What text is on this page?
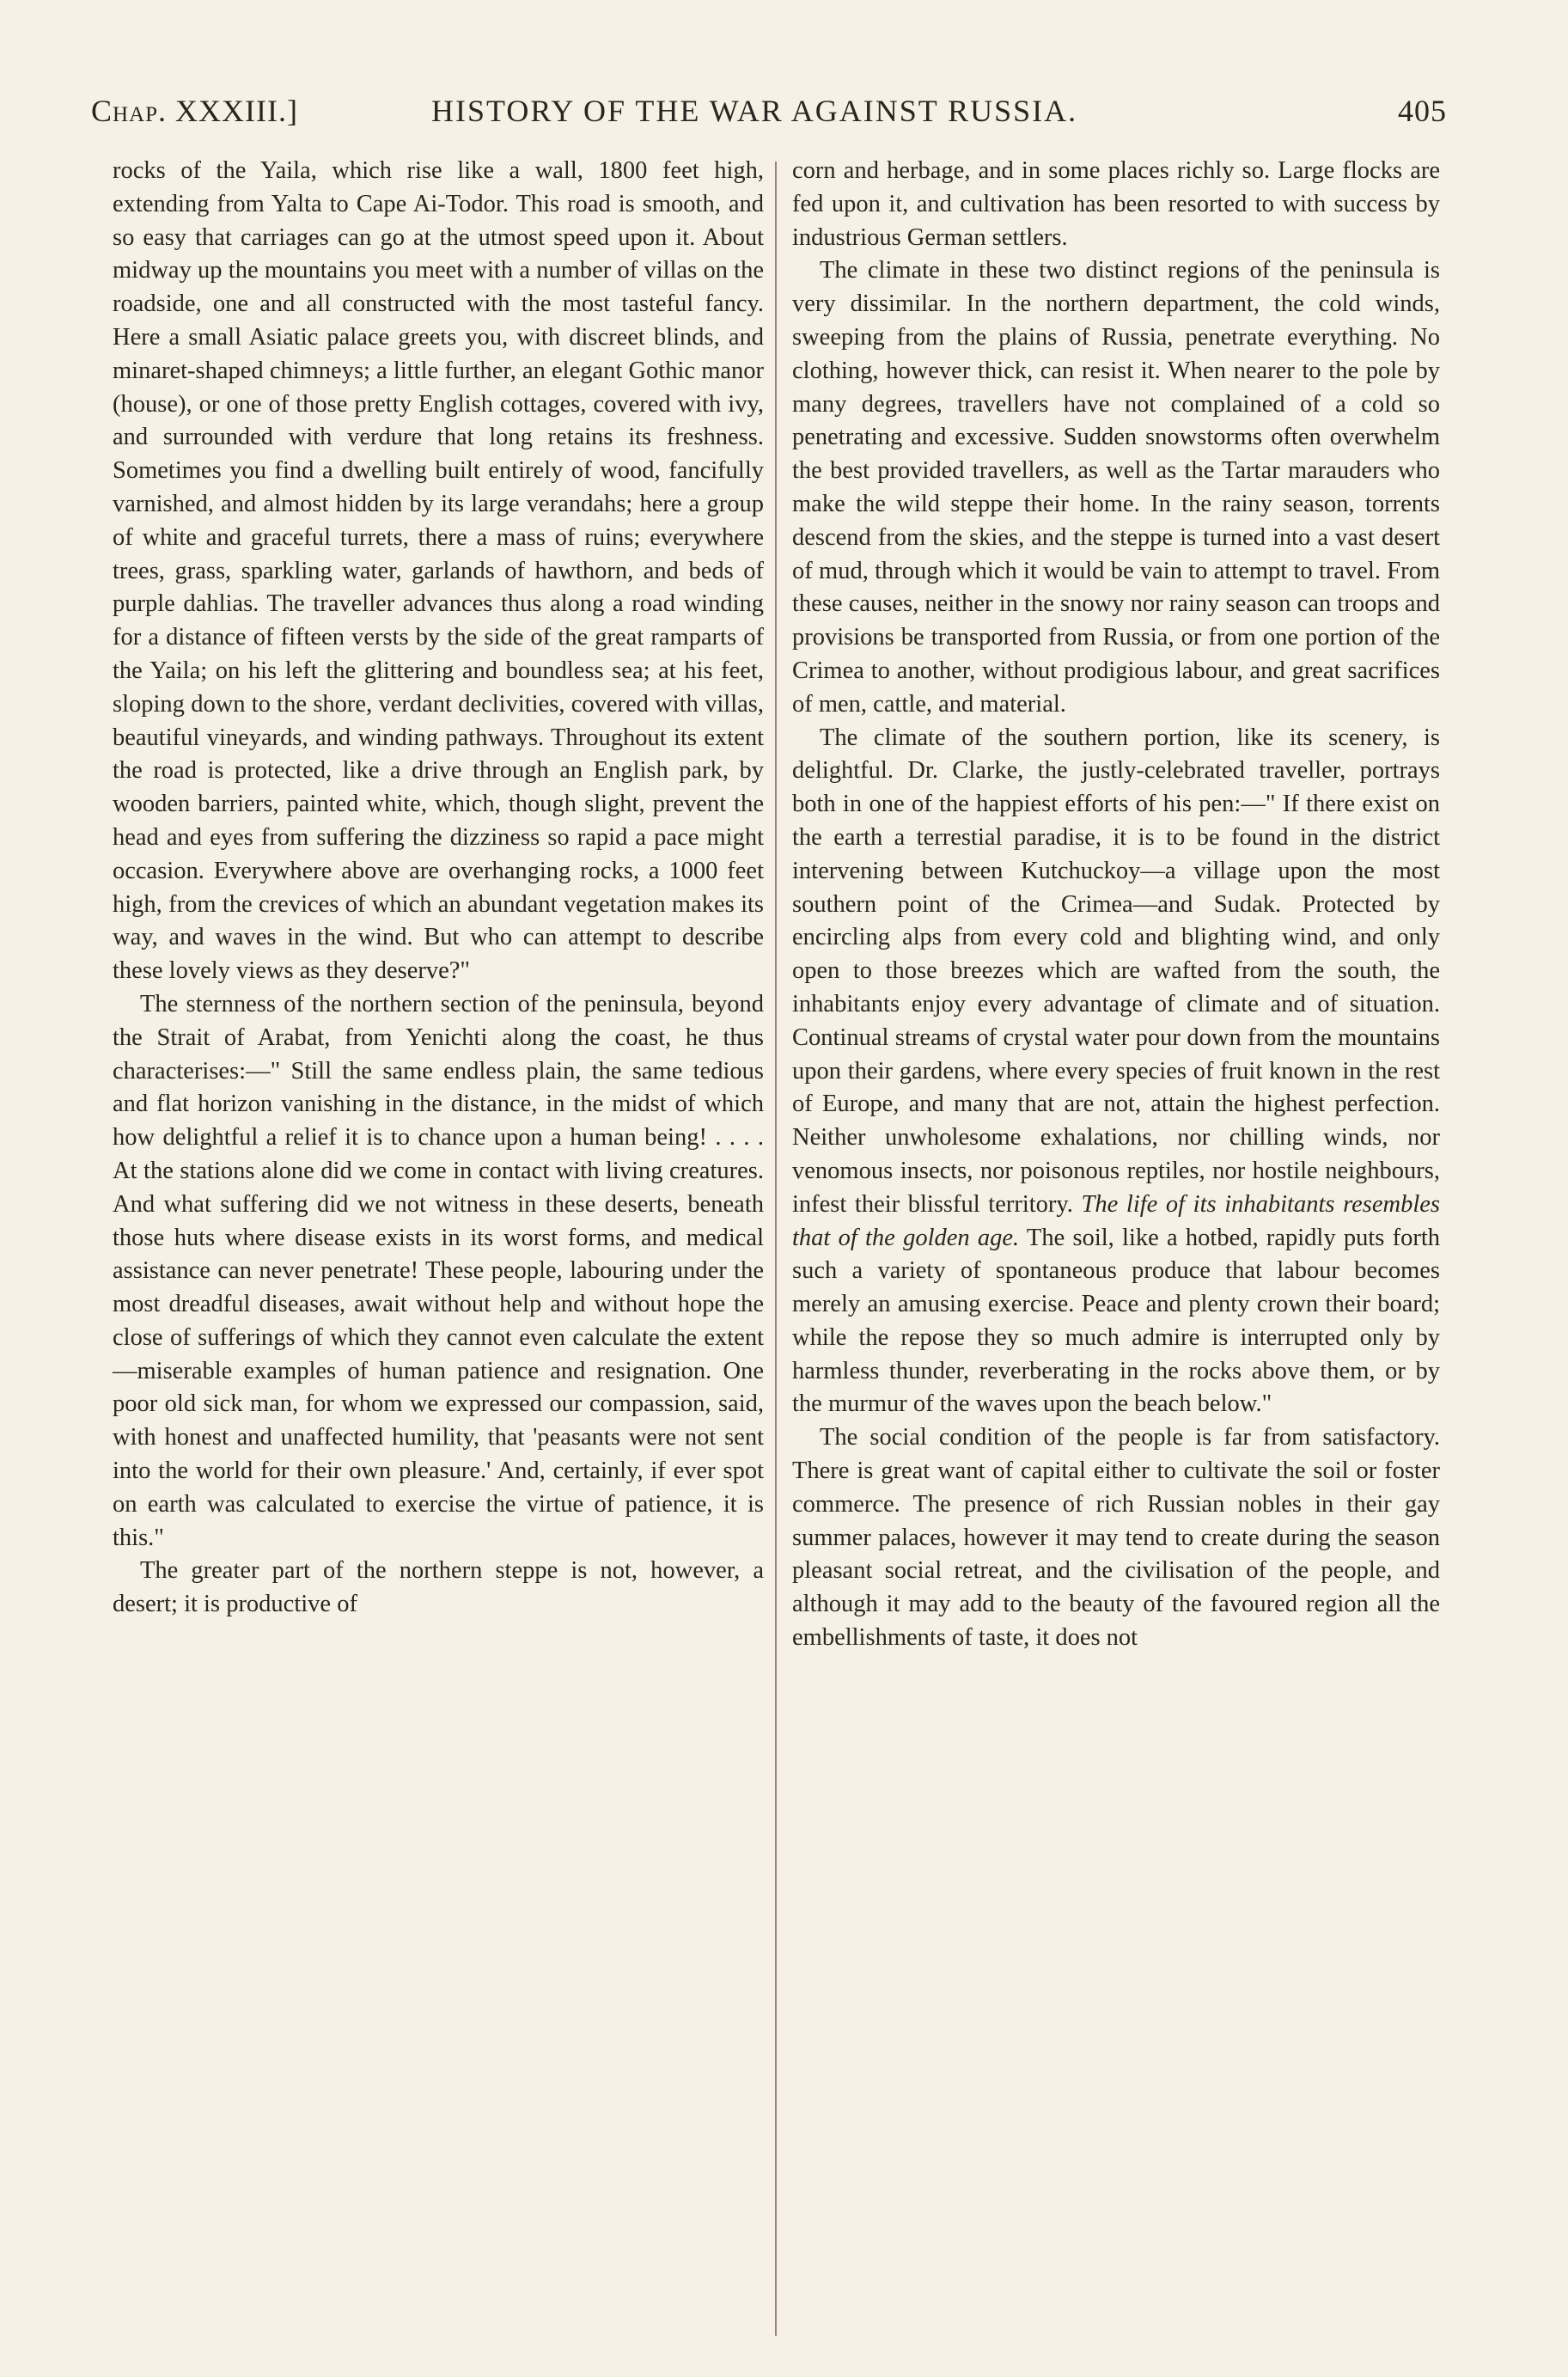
Chap. XXXIII.]	HISTORY OF THE WAR AGAINST RUSSIA.	405

rocks of the Yaila, which rise like a wall, 1800 feet high, extending from Yalta to Cape Ai-Todor. This road is smooth, and so easy that carriages can go at the utmost speed upon it. About midway up the mountains you meet with a number of villas on the roadside, one and all constructed with the most tasteful fancy. Here a small Asiatic palace greets you, with discreet blinds, and minaret-shaped chimneys; a little further, an elegant Gothic manor (house), or one of those pretty English cottages, covered with ivy, and surrounded with verdure that long retains its freshness. Sometimes you find a dwelling built entirely of wood, fancifully varnished, and almost hidden by its large verandahs; here a group of white and graceful turrets, there a mass of ruins; everywhere trees, grass, sparkling water, garlands of hawthorn, and beds of purple dahlias. The traveller advances thus along a road winding for a distance of fifteen versts by the side of the great ramparts of the Yaila; on his left the glittering and boundless sea; at his feet, sloping down to the shore, verdant declivities, covered with villas, beautiful vineyards, and winding pathways. Throughout its extent the road is protected, like a drive through an English park, by wooden barriers, painted white, which, though slight, prevent the head and eyes from suffering the dizziness so rapid a pace might occasion. Everywhere above are overhanging rocks, a 1000 feet high, from the crevices of which an abundant vegetation makes its way, and waves in the wind. But who can attempt to describe these lovely views as they deserve?"

The sternness of the northern section of the peninsula, beyond the Strait of Arabat, from Yenichti along the coast, he thus characterises:—" Still the same endless plain, the same tedious and flat horizon vanishing in the distance, in the midst of which how delightful a relief it is to chance upon a human being! . . . . At the stations alone did we come in contact with living creatures. And what suffering did we not witness in these deserts, beneath those huts where disease exists in its worst forms, and medical assistance can never penetrate! These people, labouring under the most dreadful diseases, await without help and without hope the close of sufferings of which they cannot even calculate the extent—miserable examples of human patience and resignation. One poor old sick man, for whom we expressed our compassion, said, with honest and unaffected humility, that 'peasants were not sent into the world for their own pleasure.' And, certainly, if ever spot on earth was calculated to exercise the virtue of patience, it is this."

The greater part of the northern steppe is not, however, a desert; it is productive of

corn and herbage, and in some places richly so. Large flocks are fed upon it, and cultivation has been resorted to with success by industrious German settlers.

The climate in these two distinct regions of the peninsula is very dissimilar. In the northern department, the cold winds, sweeping from the plains of Russia, penetrate everything. No clothing, however thick, can resist it. When nearer to the pole by many degrees, travellers have not complained of a cold so penetrating and excessive. Sudden snowstorms often overwhelm the best provided travellers, as well as the Tartar marauders who make the wild steppe their home. In the rainy season, torrents descend from the skies, and the steppe is turned into a vast desert of mud, through which it would be vain to attempt to travel. From these causes, neither in the snowy nor rainy season can troops and provisions be transported from Russia, or from one portion of the Crimea to another, without prodigious labour, and great sacrifices of men, cattle, and material.

The climate of the southern portion, like its scenery, is delightful. Dr. Clarke, the justly-celebrated traveller, portrays both in one of the happiest efforts of his pen:—" If there exist on the earth a terrestial paradise, it is to be found in the district intervening between Kutchuckoy—a village upon the most southern point of the Crimea—and Sudak. Protected by encircling alps from every cold and blighting wind, and only open to those breezes which are wafted from the south, the inhabitants enjoy every advantage of climate and of situation. Continual streams of crystal water pour down from the mountains upon their gardens, where every species of fruit known in the rest of Europe, and many that are not, attain the highest perfection. Neither unwholesome exhalations, nor chilling winds, nor venomous insects, nor poisonous reptiles, nor hostile neighbours, infest their blissful territory. The life of its inhabitants resembles that of the golden age. The soil, like a hotbed, rapidly puts forth such a variety of spontaneous produce that labour becomes merely an amusing exercise. Peace and plenty crown their board; while the repose they so much admire is interrupted only by harmless thunder, reverberating in the rocks above them, or by the murmur of the waves upon the beach below."

The social condition of the people is far from satisfactory. There is great want of capital either to cultivate the soil or foster commerce. The presence of rich Russian nobles in their gay summer palaces, however it may tend to create during the season pleasant social retreat, and the civilisation of the people, and although it may add to the beauty of the favoured region all the embellishments of taste, it does not
